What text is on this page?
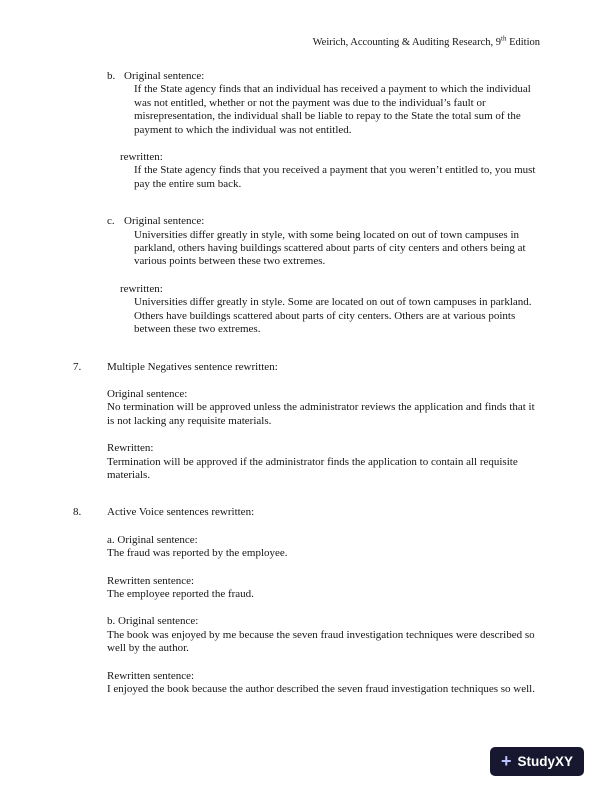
Weirich, Accounting & Auditing Research, 9th Edition
b. Original sentence:

If the State agency finds that an individual has received a payment to which the individual was not entitled, whether or not the payment was due to the individual’s fault or misrepresentation, the individual shall be liable to repay to the State the total sum of the payment to which the individual was not entitled.

rewritten:

If the State agency finds that you received a payment that you weren’t entitled to, you must pay the entire sum back.

c. Original sentence:

Universities differ greatly in style, with some being located on out of town campuses in parkland, others having buildings scattered about parts of city centers and others being at various points between these two extremes.

rewritten:

Universities differ greatly in style. Some are located on out of town campuses in parkland. Others have buildings scattered about parts of city centers. Others are at various points between these two extremes.

7.	Multiple Negatives sentence rewritten:
Original sentence:

No termination will be approved unless the administrator reviews the application and finds that it is not lacking any requisite materials.

Rewritten:

Termination will be approved if the administrator finds the application to contain all requisite materials.

8.	Active Voice sentences rewritten:
a. Original sentence:

The fraud was reported by the employee.

Rewritten sentence:

The employee reported the fraud.

b. Original sentence:

The book was enjoyed by me because the seven fraud investigation techniques were described so well by the author.

Rewritten sentence:

I enjoyed the book because the author described the seven fraud investigation techniques so well.

+ StudyXY
